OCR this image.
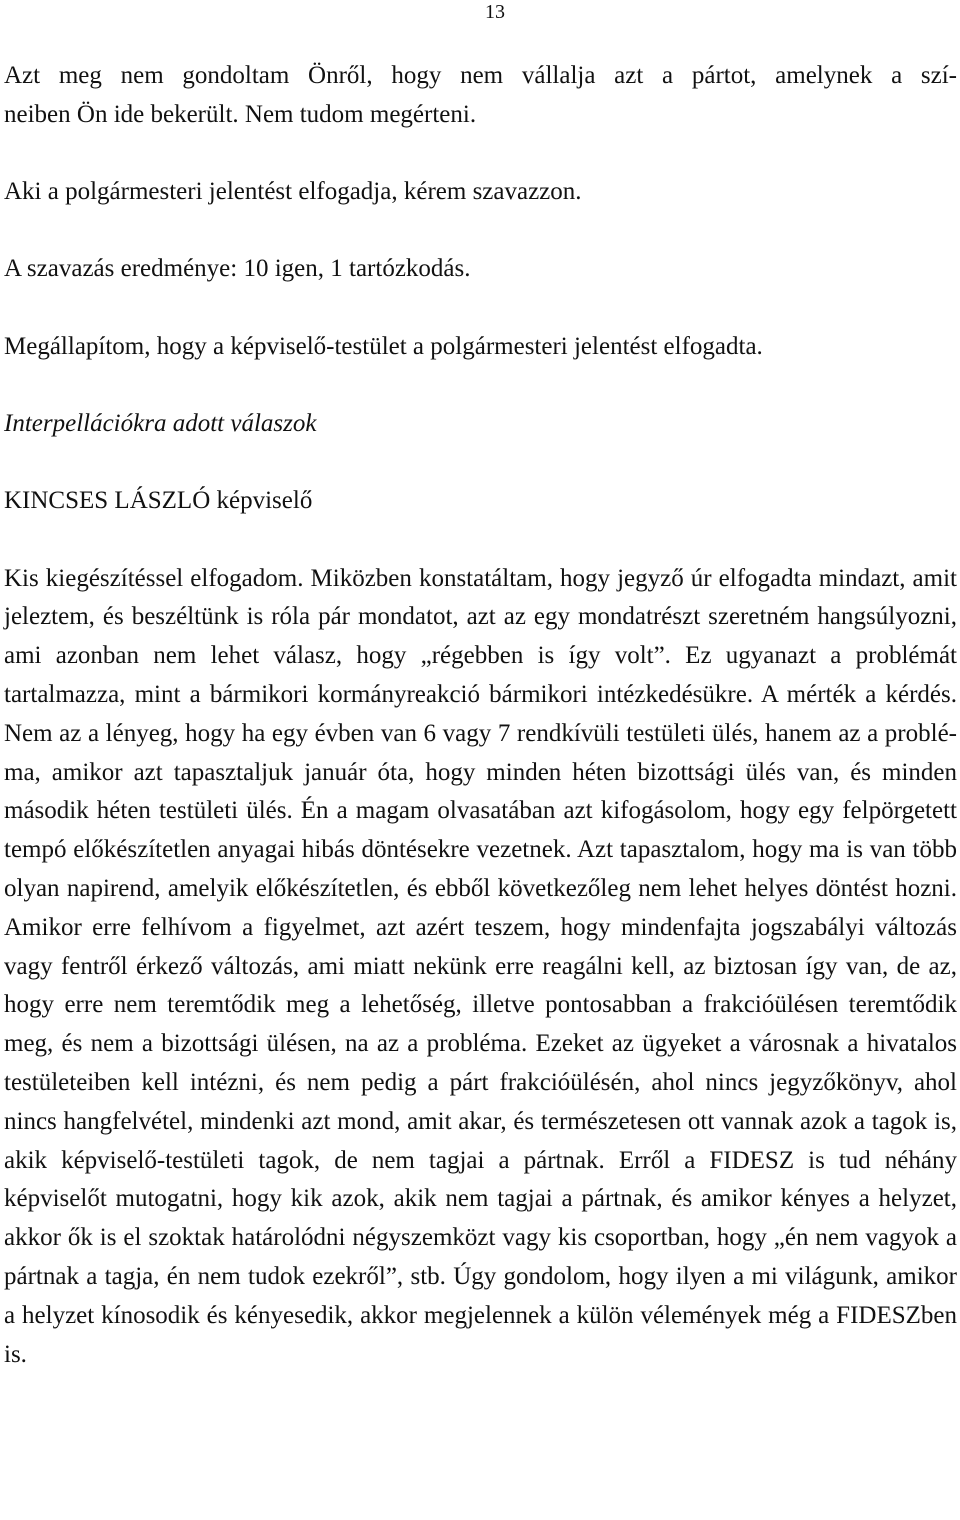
13

Azt meg nem gondoltam Önről, hogy nem vállalja azt a pártot, amelynek a szí-

neiben Ön ide bekerült. Nem tudom megérteni.

Aki a polgármesteri jelentést elfogadja, kérem szavazzon.

A szavazás eredménye: 10 igen, 1 tartózkodás.

Megállapítom, hogy a képviselő-testület a polgármesteri jelentést elfogadta.

Interpellációkra adott válaszok

KINCSES LÁSZLÓ képviselő

Kis kiegészítéssel elfogadom. Miközben konstatáltam, hogy jegyző úr elfogadta mindazt, amit jeleztem, és beszéltünk is róla pár mondatot, azt az egy mondatrészt szeretném hangsúlyozni, ami azonban nem lehet válasz, hogy „régebben is így volt”. Ez ugyanazt a problémát tartalmazza, mint a bármikori kormányreakció bármikori intézkedésükre. A mérték a kérdés. Nem az a lényeg, hogy ha egy évben van 6 vagy 7 rendkívüli testületi ülés, hanem az a probléma, amikor azt tapasztaljuk január óta, hogy minden héten bizottsági ülés van, és minden második héten testületi ülés. Én a magam olvasatában azt kifogásolom, hogy egy felpörgetett tempó előkészítetlen anyagai hibás döntésekre vezetnek. Azt tapasztalom, hogy ma is van több olyan napirend, amelyik előkészítetlen, és ebből következőleg nem lehet helyes döntést hozni. Amikor erre felhívom a figyelmet, azt azért teszem, hogy mindenfajta jogszabályi változás vagy fentről érkező változás, ami miatt nekünk erre reagálni kell, az biztosan így van, de az, hogy erre nem teremtődik meg a lehetőség, illetve pontosabban a frakcióülésen teremtődik meg, és nem a bizottsági ülésen, na az a probléma. Ezeket az ügyeket a városnak a hivatalos testületeiben kell intézni, és nem pedig a párt frakcióülésén, ahol nincs jegyzőkönyv, ahol nincs hangfelvétel, mindenki azt mond, amit akar, és természetesen ott vannak azok a tagok is, akik képviselő-testületi tagok, de nem tagjai a pártnak. Erről a FIDESZ is tud néhány képviselőt mutogatni, hogy kik azok, akik nem tagjai a pártnak, és amikor kényes a helyzet, akkor ők is el szoktak határolódni négyszemközt vagy kis csoportban, hogy „én nem vagyok a pártnak a tagja, én nem tudok ezekről”, stb. Úgy gondolom, hogy ilyen a mi világunk, amikor a helyzet kínosodik és kényesedik, akkor megjelennek a külön vélemények még a FIDESZben is.
